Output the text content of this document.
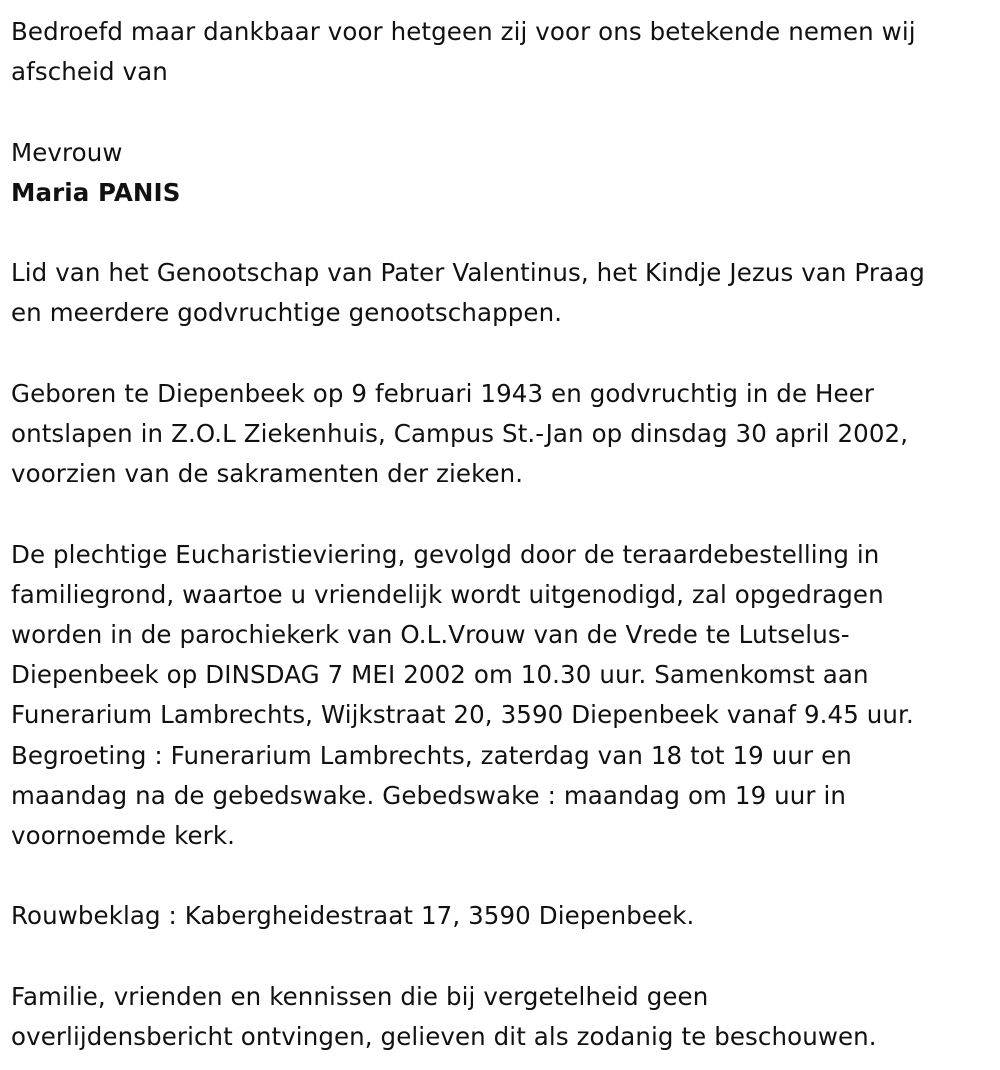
Bedroefd maar dankbaar voor hetgeen zij voor ons betekende nemen wij
afscheid van
Mevrouw
Maria PANIS
Lid van het Genootschap van Pater Valentinus, het Kindje Jezus van Praag
en meerdere godvruchtige genootschappen.
Geboren te Diepenbeek op 9 februari 1943 en godvruchtig in de Heer
ontslapen in Z.O.L Ziekenhuis, Campus St.-Jan op dinsdag 30 april 2002,
voorzien van de sakramenten der zieken.
De plechtige Eucharistieviering, gevolgd door de teraardebestelling in
familiegrond, waartoe u vriendelijk wordt uitgenodigd, zal opgedragen
worden in de parochiekerk van O.L.Vrouw van de Vrede te Lutselus-
Diepenbeek op DINSDAG 7 MEI 2002 om 10.30 uur. Samenkomst aan
Funerarium Lambrechts, Wijkstraat 20, 3590 Diepenbeek vanaf 9.45 uur.
Begroeting : Funerarium Lambrechts, zaterdag van 18 tot 19 uur en
maandag na de gebedswake. Gebedswake : maandag om 19 uur in
voornoemde kerk.
Rouwbeklag : Kabergheidestraat 17, 3590 Diepenbeek.
Familie, vrienden en kennissen die bij vergetelheid geen
overlijdensbericht ontvingen, gelieven dit als zodanig te beschouwen.
